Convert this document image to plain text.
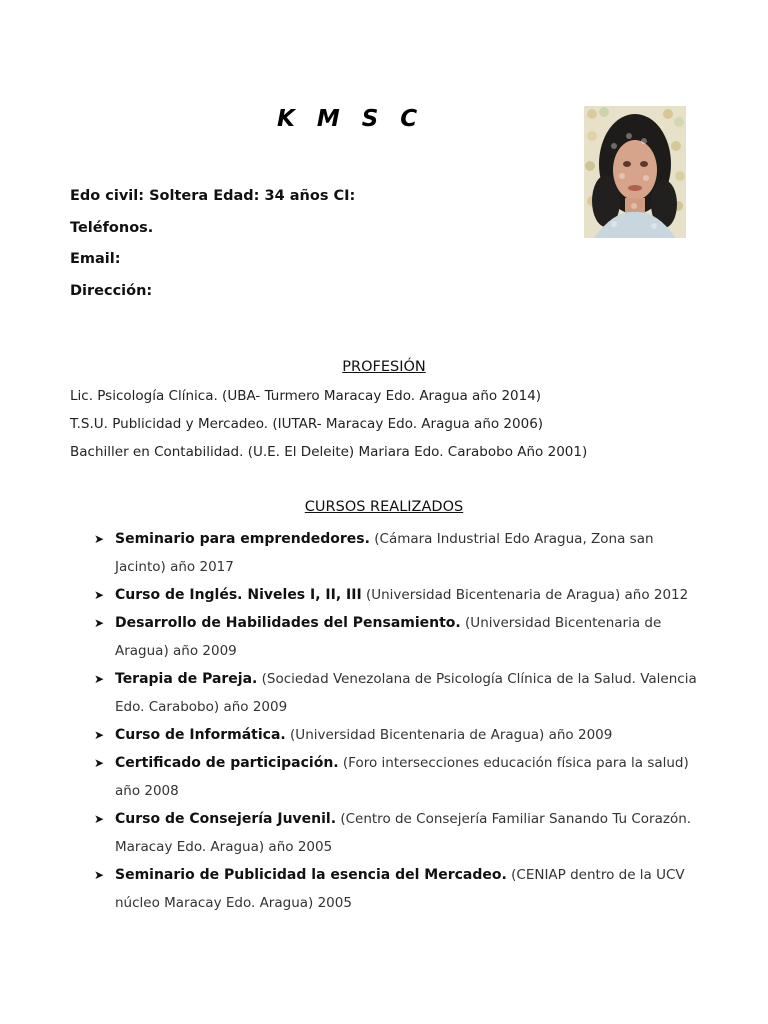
K M S C
Edo civil: Soltera Edad: 34 años CI:
Teléfonos.
Email:
Dirección:
PROFESIÓN
Lic. Psicología Clínica. (UBA- Turmero Maracay Edo. Aragua año 2014)
T.S.U. Publicidad y Mercadeo. (IUTAR- Maracay Edo. Aragua año 2006)
Bachiller en Contabilidad. (U.E. El Deleite) Mariara Edo. Carabobo Año 2001)
CURSOS REALIZADOS
➤ Seminario para emprendedores. (Cámara Industrial Edo Aragua, Zona san Jacinto) año 2017
➤ Curso de Inglés. Niveles I, II, III (Universidad Bicentenaria de Aragua) año 2012
➤ Desarrollo de Habilidades del Pensamiento. (Universidad Bicentenaria de Aragua) año 2009
➤ Terapia de Pareja. (Sociedad Venezolana de Psicología Clínica de la Salud. Valencia Edo. Carabobo) año 2009
➤ Curso de Informática. (Universidad Bicentenaria de Aragua) año 2009
➤ Certificado de participación. (Foro intersecciones educación física para la salud) año 2008
➤ Curso de Consejería Juvenil. (Centro de Consejería Familiar Sanando Tu Corazón. Maracay Edo. Aragua) año 2005
➤ Seminario de Publicidad la esencia del Mercadeo. (CENIAP dentro de la UCV núcleo Maracay Edo. Aragua) 2005
